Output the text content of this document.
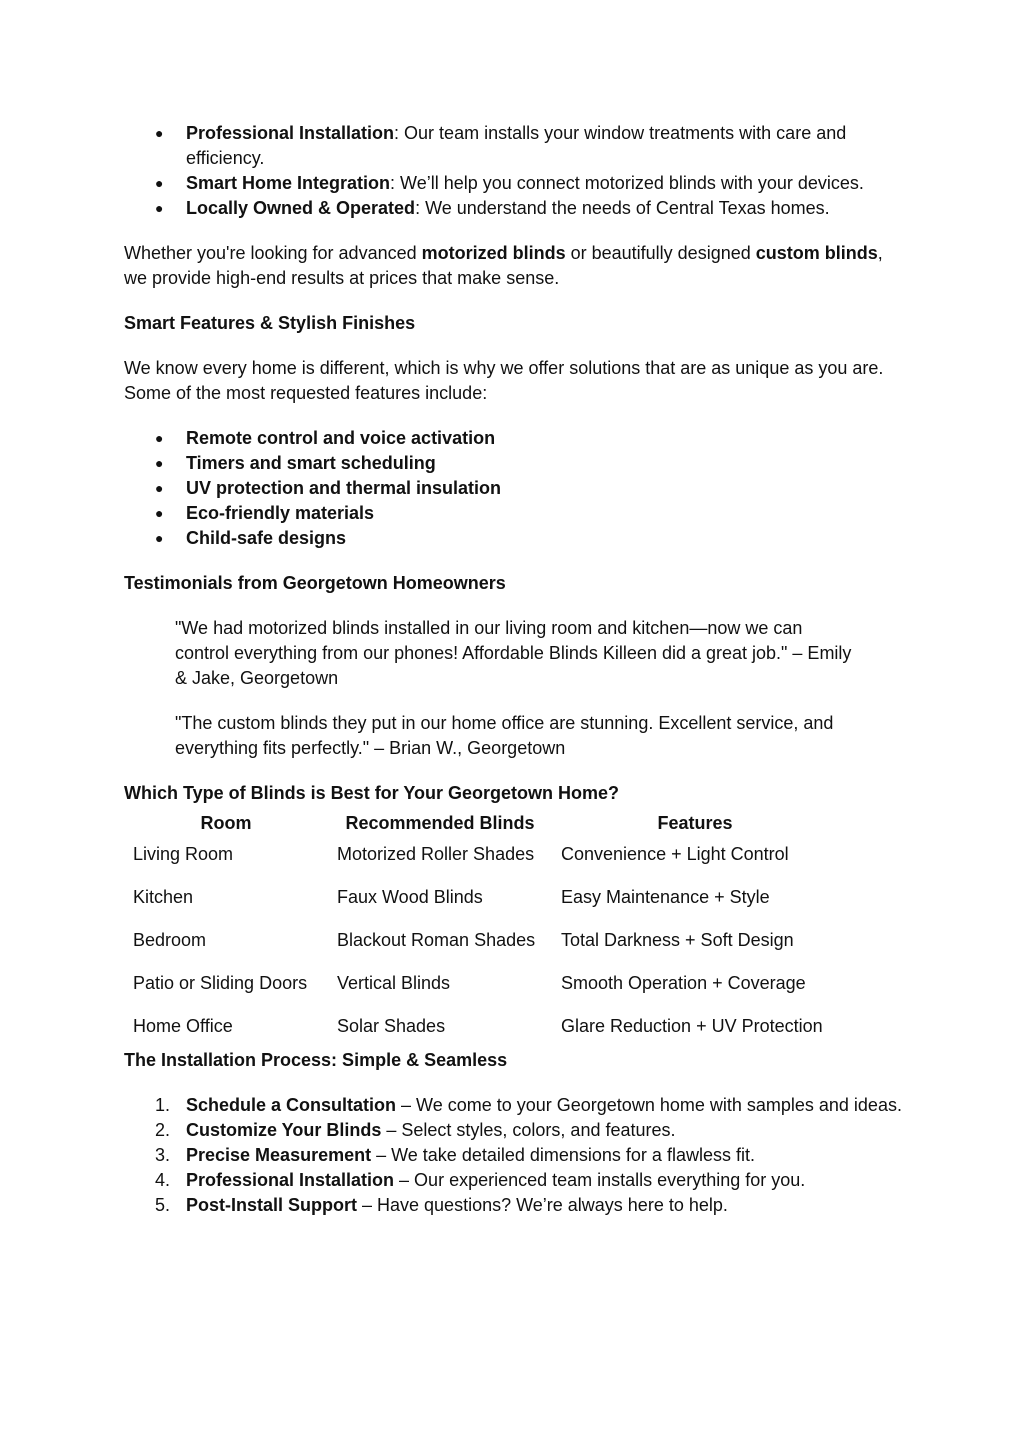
● Professional Installation: Our team installs your window treatments with care and efficiency.
● Smart Home Integration: We’ll help you connect motorized blinds with your devices.
● Locally Owned & Operated: We understand the needs of Central Texas homes.

Whether you're looking for advanced motorized blinds or beautifully designed custom blinds, we provide high-end results at prices that make sense.

Smart Features & Stylish Finishes

We know every home is different, which is why we offer solutions that are as unique as you are. Some of the most requested features include:

● Remote control and voice activation
● Timers and smart scheduling
● UV protection and thermal insulation
● Eco-friendly materials
● Child-safe designs

Testimonials from Georgetown Homeowners

"We had motorized blinds installed in our living room and kitchen—now we can control everything from our phones! Affordable Blinds Killeen did a great job." – Emily & Jake, Georgetown

"The custom blinds they put in our home office are stunning. Excellent service, and everything fits perfectly." – Brian W., Georgetown

Which Type of Blinds is Best for Your Georgetown Home?

Room	Recommended Blinds	Features
Living Room	Motorized Roller Shades	Convenience + Light Control
Kitchen	Faux Wood Blinds	Easy Maintenance + Style
Bedroom	Blackout Roman Shades	Total Darkness + Soft Design
Patio or Sliding Doors	Vertical Blinds	Smooth Operation + Coverage
Home Office	Solar Shades	Glare Reduction + UV Protection

The Installation Process: Simple & Seamless

1. Schedule a Consultation – We come to your Georgetown home with samples and ideas.
2. Customize Your Blinds – Select styles, colors, and features.
3. Precise Measurement – We take detailed dimensions for a flawless fit.
4. Professional Installation – Our experienced team installs everything for you.
5. Post-Install Support – Have questions? We’re always here to help.
